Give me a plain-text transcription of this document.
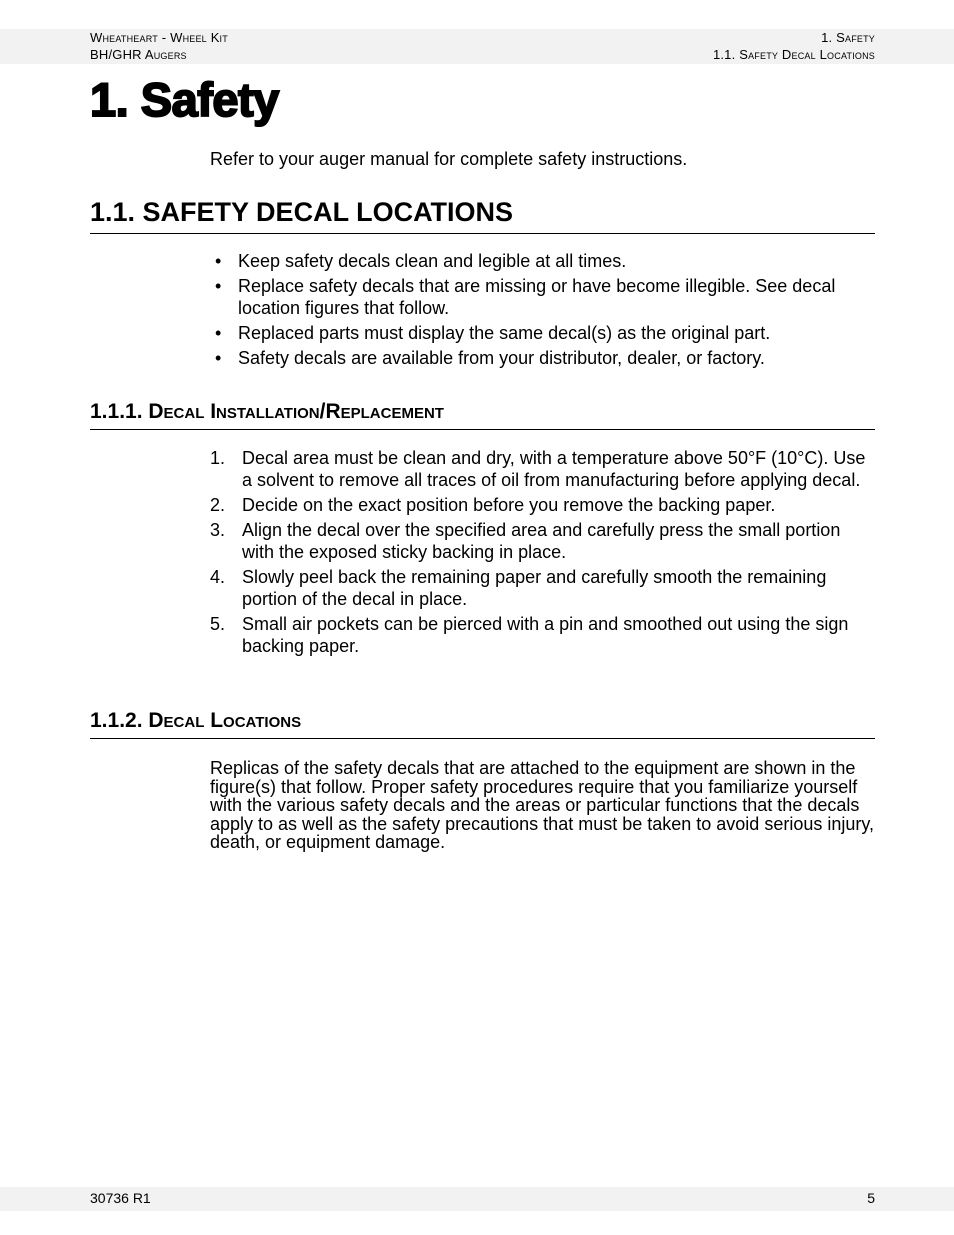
Wheatheart - Wheel Kit
BH/GHR Augers
1. Safety
1.1. Safety Decal Locations
1. Safety
Refer to your auger manual for complete safety instructions.
1.1. SAFETY DECAL LOCATIONS
• Keep safety decals clean and legible at all times.
• Replace safety decals that are missing or have become illegible. See decal location figures that follow.
• Replaced parts must display the same decal(s) as the original part.
• Safety decals are available from your distributor, dealer, or factory.
1.1.1. Decal Installation/Replacement
1. Decal area must be clean and dry, with a temperature above 50°F (10°C). Use a solvent to remove all traces of oil from manufacturing before applying decal.
2. Decide on the exact position before you remove the backing paper.
3. Align the decal over the specified area and carefully press the small portion with the exposed sticky backing in place.
4. Slowly peel back the remaining paper and carefully smooth the remaining portion of the decal in place.
5. Small air pockets can be pierced with a pin and smoothed out using the sign backing paper.
1.1.2. Decal Locations
Replicas of the safety decals that are attached to the equipment are shown in the figure(s) that follow. Proper safety procedures require that you familiarize yourself with the various safety decals and the areas or particular functions that the decals apply to as well as the safety precautions that must be taken to avoid serious injury, death, or equipment damage.
30736 R1	5
